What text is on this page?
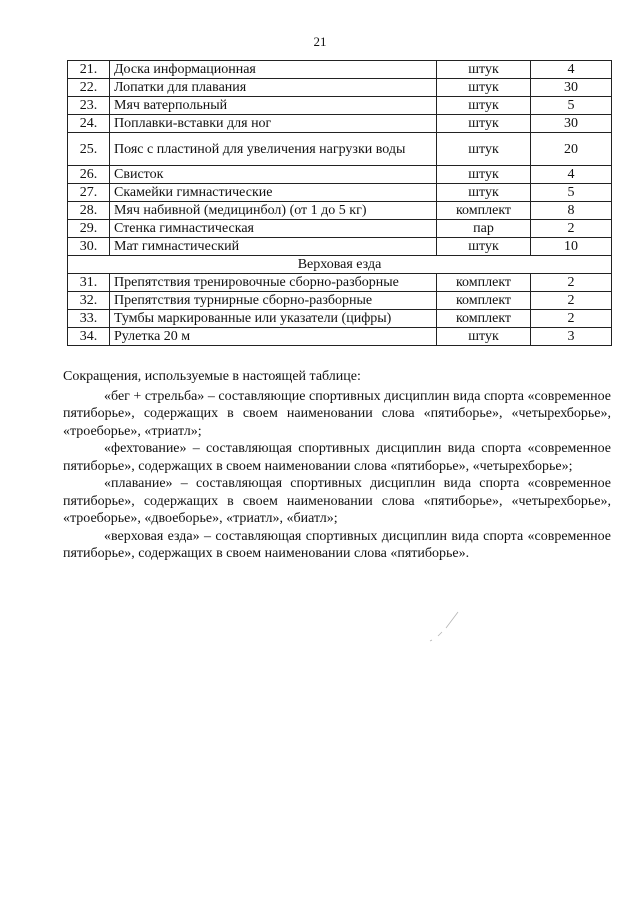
21
21.	Доска информационная	штук	4
22.	Лопатки для плавания	штук	30
23.	Мяч ватерпольный	штук	5
24.	Поплавки-вставки для ног	штук	30
25.	Пояс с пластиной для увеличения нагрузки воды	штук	20
26.	Свисток	штук	4
27.	Скамейки гимнастические	штук	5
28.	Мяч набивной (медицинбол) (от 1 до 5 кг)	комплект	8
29.	Стенка гимнастическая	пар	2
30.	Мат гимнастический	штук	10
Верховая езда			
31.	Препятствия тренировочные сборно-разборные	комплект	2
32.	Препятствия турнирные сборно-разборные	комплект	2
33.	Тумбы маркированные или указатели (цифры)	комплект	2
34.	Рулетка 20 м	штук	3

Сокращения, используемые в настоящей таблице:

«бег + стрельба» – составляющие спортивных дисциплин вида спорта «современное пятиборье», содержащих в своем наименовании слова «пятиборье», «четырехборье», «троеборье», «триатл»;

«фехтование» – составляющая спортивных дисциплин вида спорта «современное пятиборье», содержащих в своем наименовании слова «пятиборье», «четырехборье»;

«плавание» – составляющая спортивных дисциплин вида спорта «современное пятиборье», содержащих в своем наименовании слова «пятиборье», «четырехборье», «троеборье», «двоеборье», «триатл», «биатл»;

«верховая езда» – составляющая спортивных дисциплин вида спорта «современное пятиборье», содержащих в своем наименовании слова «пятиборье».
